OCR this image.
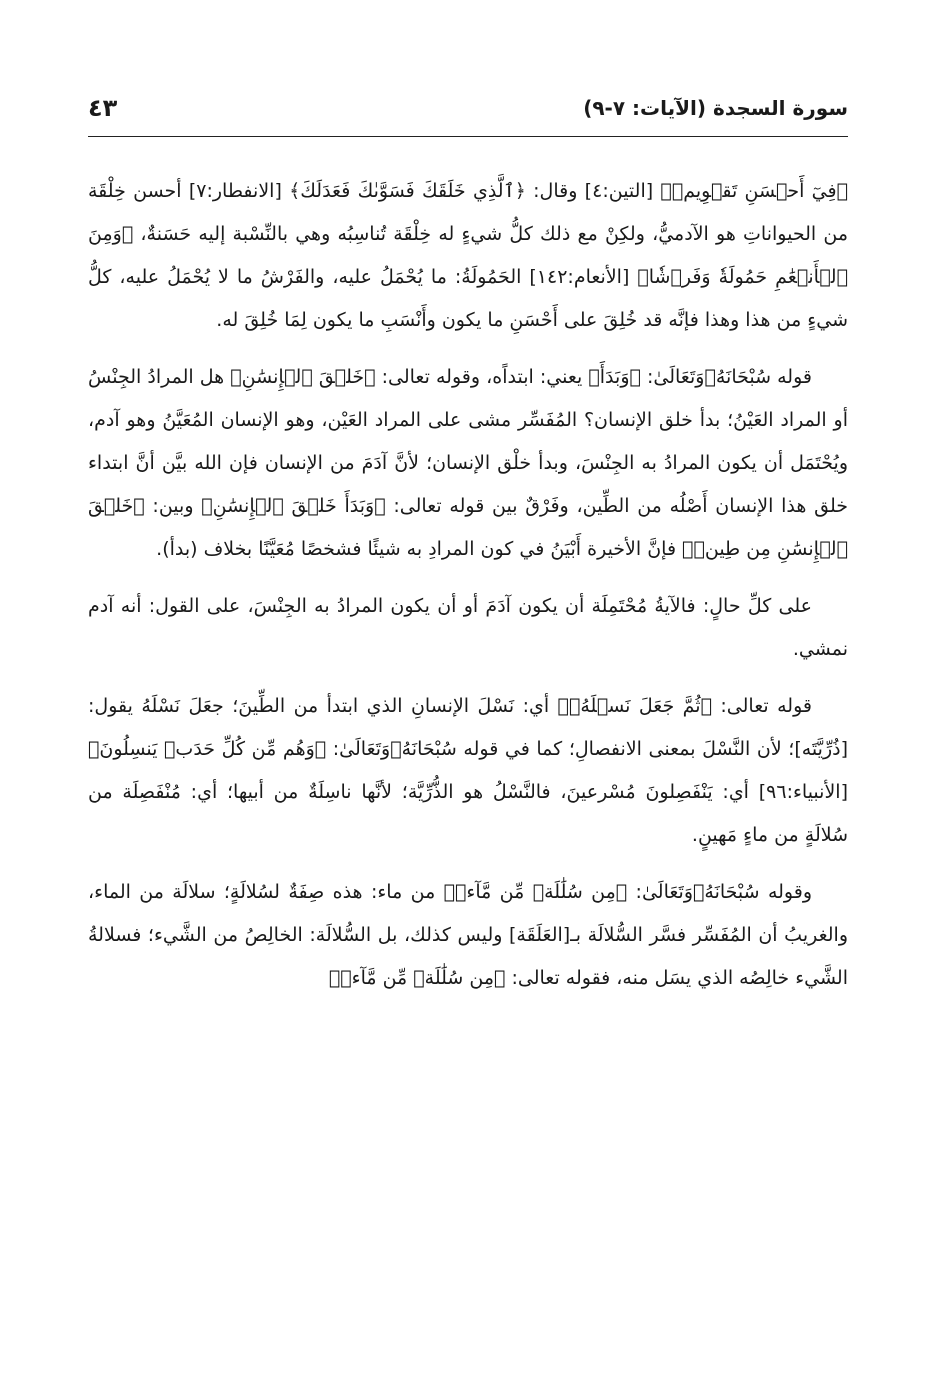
سورة السجدة (الآيات: ٧-٩)
٤٣

﴿فِيٓ أَحۡسَنِ تَقۡوِيمٖ﴾ [التين:٤] وقال: ﴿ٱلَّذِي خَلَقَكَ فَسَوَّىٰكَ فَعَدَلَكَ﴾ [الانفطار:٧] أحسن خِلْقَة من الحيواناتِ هو الآدميُّ، ولكِنْ مع ذلك كلُّ شيءٍ له خِلْقَة تُناسِبُه وهي بالنِّسْبة إليه حَسَنةٌ، ﴿وَمِنَ ٱلۡأَنۡعَٰمِ حَمُولَةٗ وَفَرۡشٗا﴾ [الأنعام:١٤٢] الحَمُولَةُ: ما يُحْمَلُ عليه، والفَرْشُ ما لا يُحْمَلُ عليه، كلُّ شيءٍ من هذا وهذا فإنَّه قد خُلِقَ على أَحْسَنِ ما يكون وأَنْسَبِ ما يكون لِمَا خُلِقَ له.

قوله سُبْحَانَهُۥوَتَعَالَىٰ: ﴿وَبَدَأَ﴾ يعني: ابتداًه، وقوله تعالى: ﴿خَلۡقَ ٱلۡإِنسَٰنِ﴾ هل المرادُ الجِنْسُ أو المراد العَيْنُ؛ بدأ خلق الإنسان؟ المُفَسِّر مشى على المراد العَيْن، وهو الإنسان المُعَيَّنُ وهو آدم، ويُحْتَمَل أن يكون المرادُ به الجِنْسَ، وبدأ خلْق الإنسان؛ لأنَّ آدَمَ من الإنسان فإن الله بيَّن أنَّ ابتداء خلق هذا الإنسان أَصْلُه من الطِّين، وفَرْقٌ بين قوله تعالى: ﴿وَبَدَأَ خَلۡقَ ٱلۡإِنسَٰنِ﴾ وبين: ﴿خَلۡقَ ٱلۡإِنسَٰنِ مِن طِينٖ﴾ فإنَّ الأخيرة أَبْيَنُ في كون المرادِ به شيئًا فشخصًا مُعَيَّنًا بخلاف (بدأ).

على كلِّ حالٍ: فالآيةُ مُحْتَمِلَة أن يكون آدَمَ أو أن يكون المرادُ به الجِنْسَ، على القول: أنه آدم نمشي.

قوله تعالى: ﴿ثُمَّ جَعَلَ نَسۡلَهُۥ﴾ أي: نَسْلَ الإنسانِ الذي ابتدأ من الطِّينَ؛ جعَلَ نَسْلَهُ يقول: [ذُرِّيَّتَه]؛ لأن النَّسْلَ بمعنى الانفصالِ؛ كما في قوله سُبْحَانَهُۥوَتَعَالَىٰ: ﴿وَهُم مِّن كُلِّ حَدَبٖ يَنسِلُونَ﴾ [الأنبياء:٩٦] أي: يَنْفَصِلونَ مُسْرعينَ، فالنَّسْلُ هو الذُّرِّيَّة؛ لأنَّها ناسِلَةٌ من أبيها؛ أي: مُنْفَصِلَة من سُلالَةٍ من ماءٍ مَهينٍ.

وقوله سُبْحَانَهُۥوَتَعَالَىٰ: ﴿مِن سُلَٰلَةٖ مِّن مَّآءٖ﴾ من ماء: هذه صِفَةٌ لسُلالَةٍ؛ سلالَة من الماء، والغريبُ أن المُفَسِّر فسَّر السُّلالَة بـ[العَلَقَة] وليس كذلك، بل السُّلالَة: الخالِصُ من الشَّيء؛ فسلالةُ الشَّيء خالِصُه الذي يسَل منه، فقوله تعالى: ﴿مِن سُلَٰلَةٖ مِّن مَّآءٖ﴾
